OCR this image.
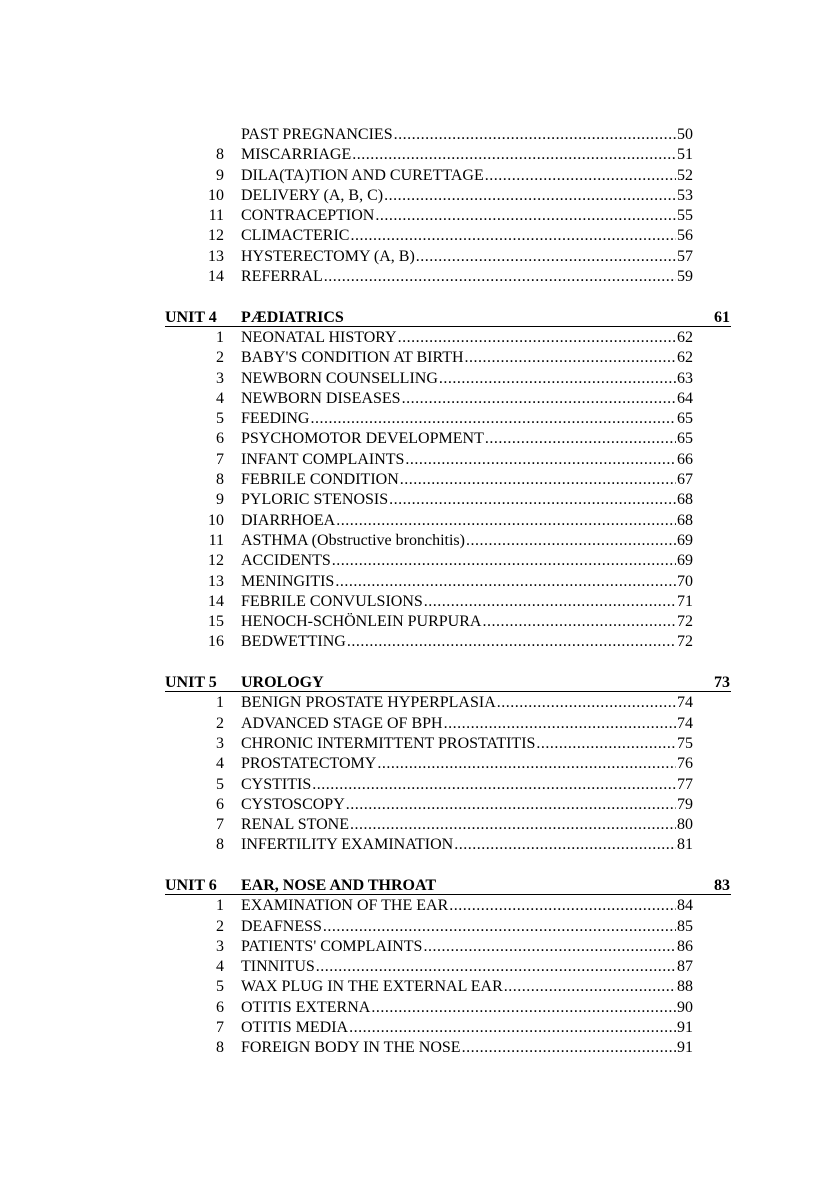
PAST PREGNANCIES .....	50
8 MISCARRIAGE .....	51
9 DILA(TA)TION AND CURETTAGE .....	52
10 DELIVERY (A, B, C) .....	53
11 CONTRACEPTION .....	55
12 CLIMACTERIC .....	56
13 HYSTERECTOMY (A, B) .....	57
14 REFERRAL .....	59
UNIT 4 PÆDIATRICS	61
1 NEONATAL HISTORY .....	62
2 BABY'S CONDITION AT BIRTH .....	62
3 NEWBORN COUNSELLING .....	63
4 NEWBORN DISEASES .....	64
5 FEEDING .....	65
6 PSYCHOMOTOR DEVELOPMENT .....	65
7 INFANT COMPLAINTS .....	66
8 FEBRILE CONDITION .....	67
9 PYLORIC STENOSIS .....	68
10 DIARRHOEA .....	68
11 ASTHMA (Obstructive bronchitis) .....	69
12 ACCIDENTS .....	69
13 MENINGITIS .....	70
14 FEBRILE CONVULSIONS .....	71
15 HENOCH-SCHÖNLEIN PURPURA .....	72
16 BEDWETTING .....	72
UNIT 5 UROLOGY	73
1 BENIGN PROSTATE HYPERPLASIA .....	74
2 ADVANCED STAGE OF BPH .....	74
3 CHRONIC INTERMITTENT PROSTATITIS .....	75
4 PROSTATECTOMY .....	76
5 CYSTITIS .....	77
6 CYSTOSCOPY .....	79
7 RENAL STONE .....	80
8 INFERTILITY EXAMINATION .....	81
UNIT 6 EAR, NOSE AND THROAT	83
1 EXAMINATION OF THE EAR .....	84
2 DEAFNESS .....	85
3 PATIENTS' COMPLAINTS .....	86
4 TINNITUS .....	87
5 WAX PLUG IN THE EXTERNAL EAR .....	88
6 OTITIS EXTERNA .....	90
7 OTITIS MEDIA .....	91
8 FOREIGN BODY IN THE NOSE .....	91
